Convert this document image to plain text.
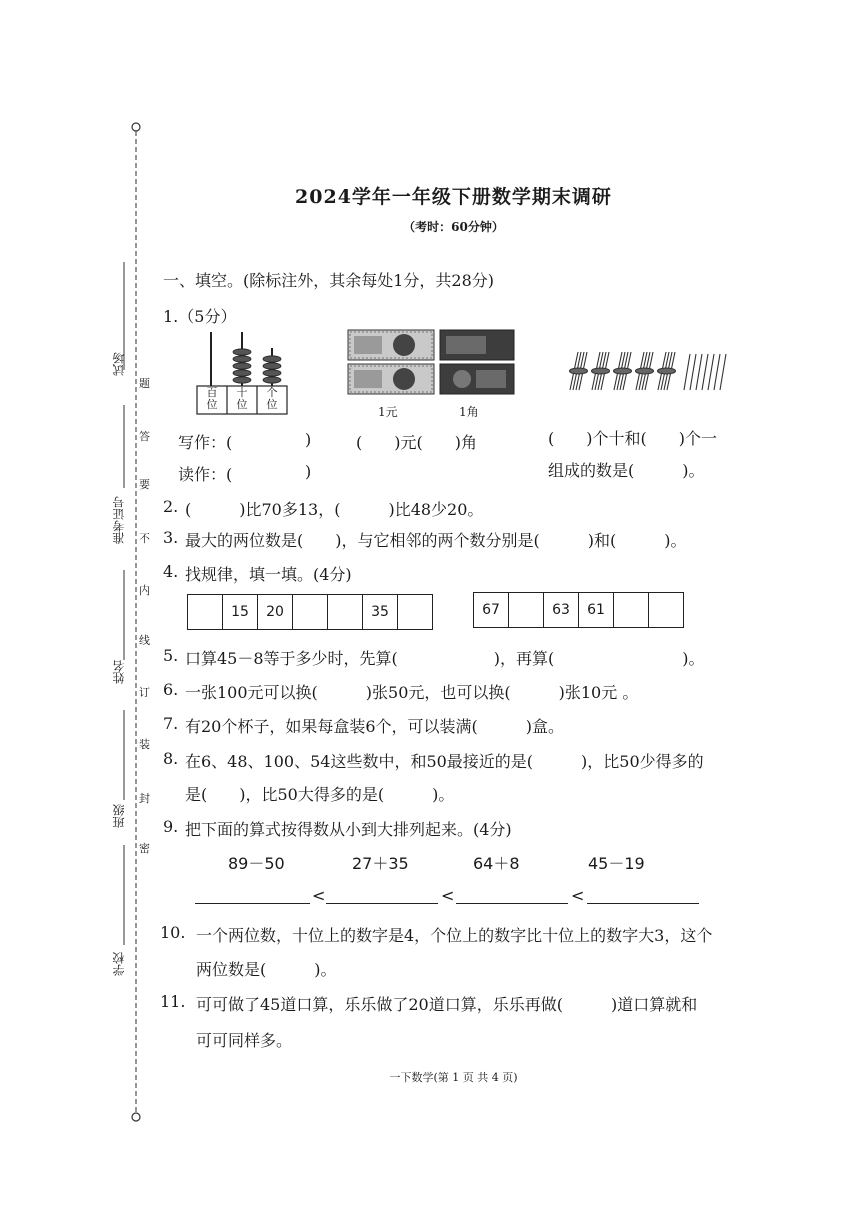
试场
准考证号
姓名
班级
学校
题
答
要
不
内
线
订
装
封
密
2024学年一年级下册数学期末调研
（考时：60分钟）
一、填空。(除标注外，其余每处1分，共28分)
1.（5分）
百
位
十
位
个
位
1元	1角
写作：(	)	(　　)元(　　)角	(　　)个十和(　　)个一
读作：(	)	组成的数是(　　　)。
2. (　　　)比70多13，(　　　)比48少20。
3. 最大的两位数是(　　)，与它相邻的两个数分别是(　　　)和(　　　)。
4. 找规律，填一填。(4分)
15	20	35	67	63	61
5. 口算45－8等于多少时，先算(　　　　　　)，再算(　　　　　　　　)。
6. 一张100元可以换(　　　)张50元，也可以换(　　　)张10元 。
7. 有20个杯子，如果每盒装6个，可以装满(　　　)盒。
8. 在6、48、100、54这些数中，和50最接近的是(　　　)，比50少得多的
是(　　)，比50大得多的是(　　　)。
9. 把下面的算式按得数从小到大排列起来。(4分)
89－50	27＋35	64＋8	45－19
<	<	<
10. 一个两位数，十位上的数字是4，个位上的数字比十位上的数字大3，这个
两位数是(　　　)。
11. 可可做了45道口算，乐乐做了20道口算，乐乐再做(　　　)道口算就和
可可同样多。
一下数学(第 1 页 共 4 页)
